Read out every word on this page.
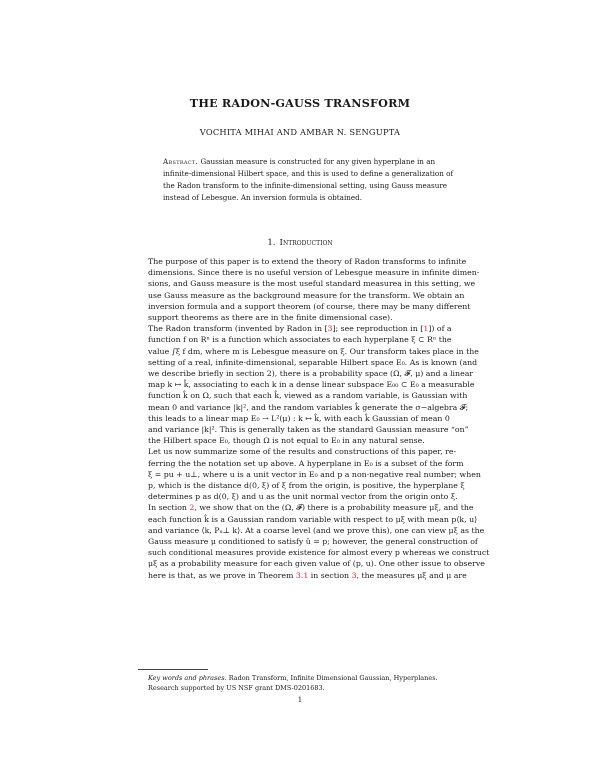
THE RADON-GAUSS TRANSFORM
VOCHITA MIHAI AND AMBAR N. SENGUPTA
Abstract. Gaussian measure is constructed for any given hyperplane in an
infinite-dimensional Hilbert space, and this is used to define a generalization of
the Radon transform to the infinite-dimensional setting, using Gauss measure
instead of Lebesgue. An inversion formula is obtained.
1. Introduction

The purpose of this paper is to extend the theory of Radon transforms to infinite
dimensions. Since there is no useful version of Lebesgue measure in infinite dimen-
sions, and Gauss measure is the most useful standard measurea in this setting, we
use Gauss measure as the background measure for the transform. We obtain an
inversion formula and a support theorem (of course, there may be many different
support theorems as there are in the finite dimensional case).

The Radon transform (invented by Radon in [3]; see reproduction in [1]) of a
function f on Rⁿ is a function which associates to each hyperplane ξ ⊂ Rⁿ the
value ∫ξ f dm, where m is Lebesgue measure on ξ. Our transform takes place in the
setting of a real, infinite-dimensional, separable Hilbert space E₀. As is known (and
we describe briefly in section 2), there is a probability space (Ω, 𝓕, μ) and a linear
map k ↦ k̂, associating to each k in a dense linear subspace E₀₀ ⊂ E₀ a measurable
function k̂ on Ω, such that each k̂, viewed as a random variable, is Gaussian with
mean 0 and variance |k|², and the random variables k̂ generate the σ−algebra 𝓕;
this leads to a linear map E₀ → L²(μ) : k ↦ k̂, with each k̂ Gaussian of mean 0
and variance |k|². This is generally taken as the standard Gaussian measure “on”
the Hilbert space E₀, though Ω is not equal to E₀ in any natural sense.

Let us now summarize some of the results and constructions of this paper, re-
ferring the the notation set up above. A hyperplane in E₀ is a subset of the form
ξ = pu + u⊥, where u is a unit vector in E₀ and p a non-negative real number; when
p, which is the distance d(0, ξ) of ξ from the origin, is positive, the hyperplane ξ
determines p as d(0, ξ) and u as the unit normal vector from the origin onto ξ.

In section 2, we show that on the (Ω, 𝓕) there is a probability measure μξ, and the
each function k̂ is a Gaussian random variable with respect to μξ with mean p⟨k, u⟩
and variance ⟨k, Pᵤ⊥ k⟩. At a coarse level (and we prove this), one can view μξ as the
Gauss measure μ conditioned to satisfy û = p; however, the general construction of
such conditional measures provide existence for almost every p whereas we construct
μξ as a probability measure for each given value of (p, u). One other issue to observe
here is that, as we prove in Theorem 3.1 in section 3, the measures μξ and μ are

Key words and phrases. Radon Transform, Infinite Dimensional Gaussian, Hyperplanes.

Research supported by US NSF grant DMS-0201683.

1
